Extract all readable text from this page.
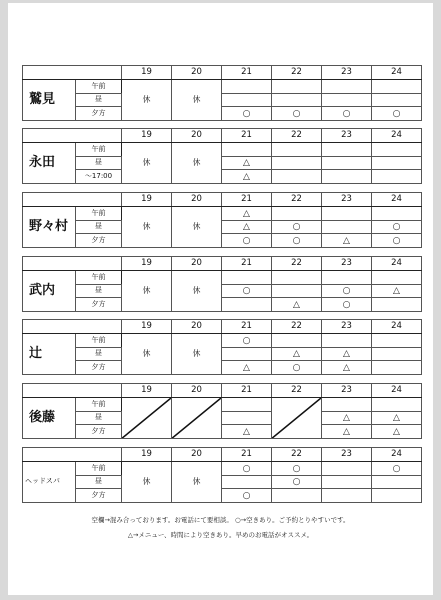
		19	20	21	22	23	24
鷲見	午前	休	休				
	昼						
	夕方			○	○	○	○
		19	20	21	22	23	24
永田	午前	休	休				
	昼			△			
	～17:00			△			
		19	20	21	22	23	24
野々村	午前	休	休	△			
	昼			△	○		○
	夕方			○	○	△	○
		19	20	21	22	23	24
武内	午前	休	休				
	昼			○		○	△
	夕方				△	○	
		19	20	21	22	23	24
辻	午前	休	休	○			
	昼				△	△	
	夕方			△	○	△	
		19	20	21	22	23	24
後藤	午前	

	昼					△	△
	夕方			△		△	△
		19	20	21	22	23	24
ヘッドスパ	午前	休	休	○	○		○
	昼				○		
	夕方			○			
空欄→混み合っております。お電話にて要相談。 ○→空きあり。ご予約とりやすいです。
△→メニュー、時間により空きあり。早めのお電話がオススメ。
